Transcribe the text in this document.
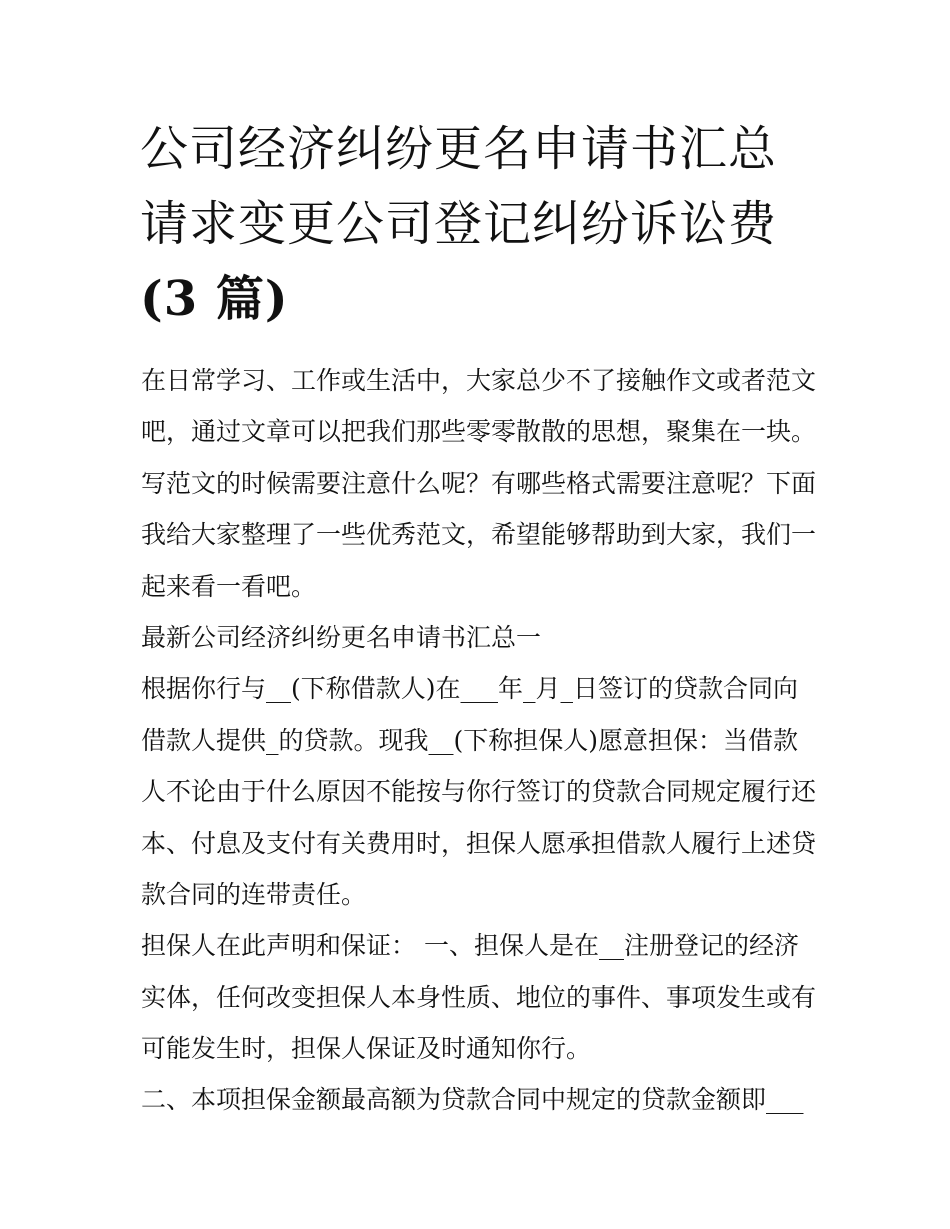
公司经济纠纷更名申请书汇总
请求变更公司登记纠纷诉讼费
(3 篇)
在日常学习、工作或生活中，大家总少不了接触作文或者范文
吧，通过文章可以把我们那些零零散散的思想，聚集在一块。
写范文的时候需要注意什么呢？有哪些格式需要注意呢？下面
我给大家整理了一些优秀范文，希望能够帮助到大家，我们一
起来看一看吧。
最新公司经济纠纷更名申请书汇总一
根据你行与__(下称借款人)在___年_月_日签订的贷款合同向
借款人提供_的贷款。现我__(下称担保人)愿意担保：当借款
人不论由于什么原因不能按与你行签订的贷款合同规定履行还
本、付息及支付有关费用时，担保人愿承担借款人履行上述贷
款合同的连带责任。
担保人在此声明和保证： 一、担保人是在__注册登记的经济
实体，任何改变担保人本身性质、地位的事件、事项发生或有
可能发生时，担保人保证及时通知你行。
二、本项担保金额最高额为贷款合同中规定的贷款金额即___
